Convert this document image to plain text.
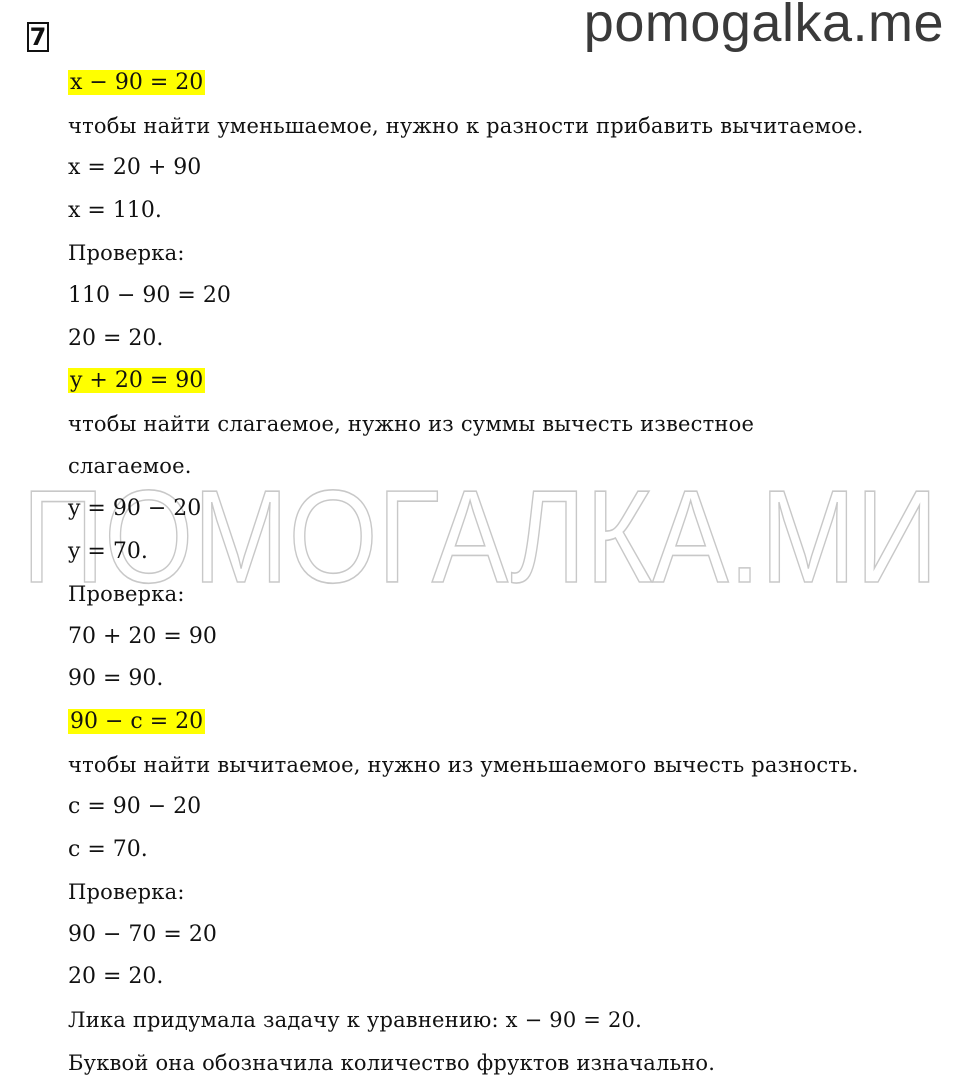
7	pomogalka.me
ПОМОГАЛКА.МИ
x − 90 = 20
чтобы найти уменьшаемое, нужно к разности прибавить вычитаемое.
x = 20 + 90
x = 110.
Проверка:
110 − 90 = 20
20 = 20.
y + 20 = 90
чтобы найти слагаемое, нужно из суммы вычесть известное
слагаемое.
y = 90 − 20
y = 70.
Проверка:
70 + 20 = 90
90 = 90.
90 − c = 20
чтобы найти вычитаемое, нужно из уменьшаемого вычесть разность.
c = 90 − 20
c = 70.
Проверка:
90 − 70 = 20
20 = 20.
Лика придумала задачу к уравнению: x − 90 = 20.
Буквой она обозначила количество фруктов изначально.
